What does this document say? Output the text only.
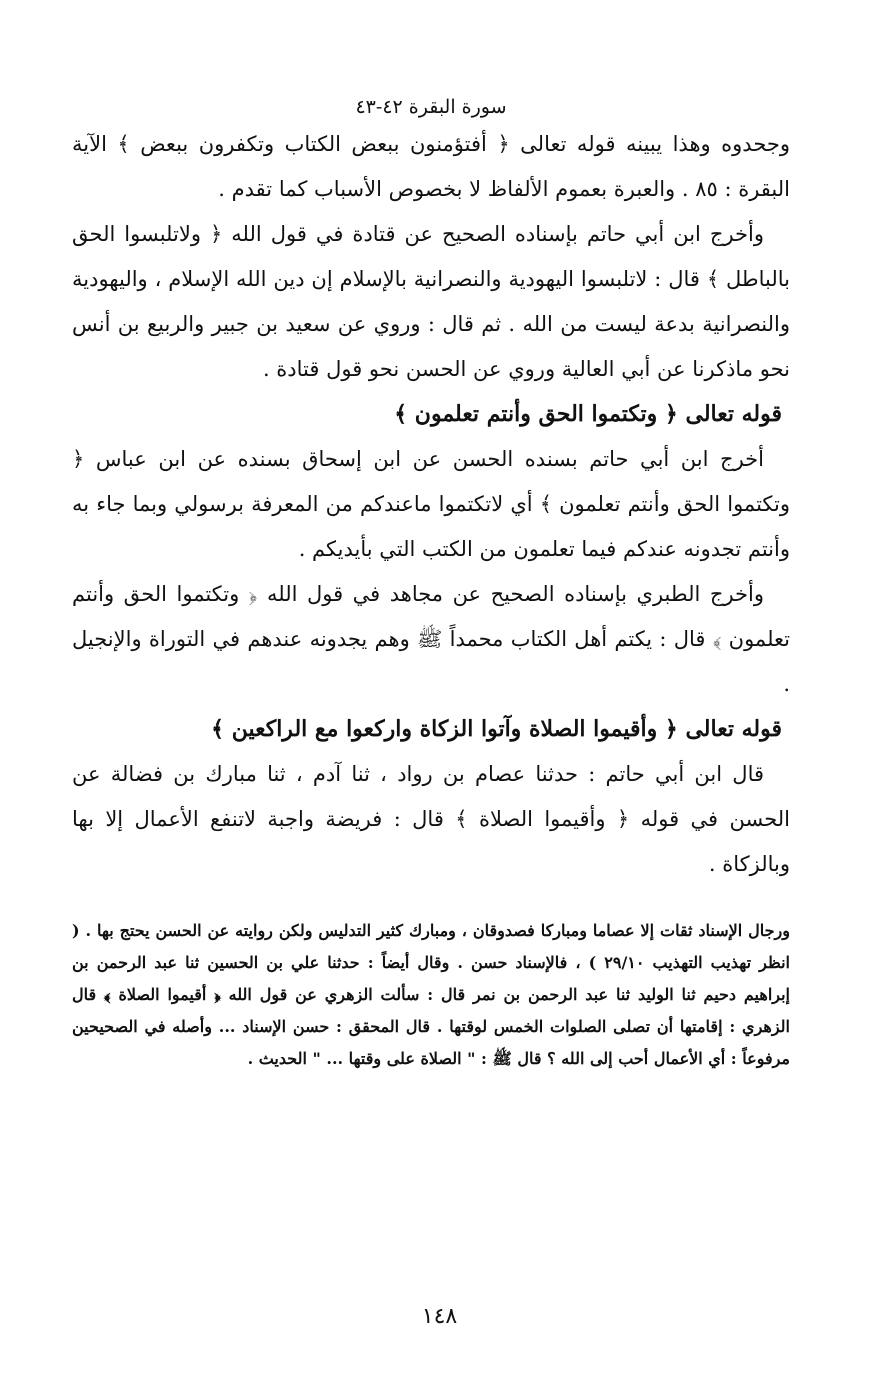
سورة البقرة ٤٢-٤٣

وجحدوه وهذا يبينه قوله تعالى ﴿ أفتؤمنون ببعض الكتاب وتكفرون ببعض ﴾ الآية البقرة : ٨٥ . والعبرة بعموم الألفاظ لا بخصوص الأسباب كما تقدم .

وأخرج ابن أبي حاتم بإسناده الصحيح عن قتادة في قول الله ﴿ ولاتلبسوا الحق بالباطل ﴾ قال : لاتلبسوا اليهودية والنصرانية بالإسلام إن دين الله الإسلام ، واليهودية والنصرانية بدعة ليست من الله . ثم قال : وروي عن سعيد بن جبير والربيع بن أنس نحو ماذكرنا عن أبي العالية وروي عن الحسن نحو قول قتادة .

قوله تعالى ﴿ وتكتموا الحق وأنتم تعلمون ﴾

أخرج ابن أبي حاتم بسنده الحسن عن ابن إسحاق بسنده عن ابن عباس ﴿ وتكتموا الحق وأنتم تعلمون ﴾ أي لاتكتموا ماعندكم من المعرفة برسولي وبما جاء به وأنتم تجدونه عندكم فيما تعلمون من الكتب التي بأيديكم .

وأخرج الطبري بإسناده الصحيح عن مجاهد في قول الله ﴿ وتكتموا الحق وأنتم تعلمون ﴾ قال : يكتم أهل الكتاب محمداً ﷺ وهم يجدونه عندهم في التوراة والإنجيل .

قوله تعالى ﴿ وأقيموا الصلاة وآتوا الزكاة واركعوا مع الراكعين ﴾

قال ابن أبي حاتم : حدثنا عصام بن رواد ، ثنا آدم ، ثنا مبارك بن فضالة عن الحسن في قوله ﴿ وأقيموا الصلاة ﴾ قال : فريضة واجبة لاتنفع الأعمال إلا بها وبالزكاة .

ورجال الإسناد ثقات إلا عصاما ومباركا فصدوقان ، ومبارك كثير التدليس ولكن روايته عن الحسن يحتج بها . ( انظر تهذيب التهذيب ٢٩/١٠ ) ، فالإسناد حسن . وقال أيضاً : حدثنا علي بن الحسين ثنا عبد الرحمن بن إبراهيم دحيم ثنا الوليد ثنا عبد الرحمن بن نمر قال : سألت الزهري عن قول الله ﴿ أقيموا الصلاة ﴾ قال الزهري : إقامتها أن تصلى الصلوات الخمس لوقتها . قال المحقق : حسن الإسناد ... وأصله في الصحيحين مرفوعاً : أي الأعمال أحب إلى الله ؟ قال ﷺ : " الصلاة على وقتها ... " الحديث .

١٤٨
